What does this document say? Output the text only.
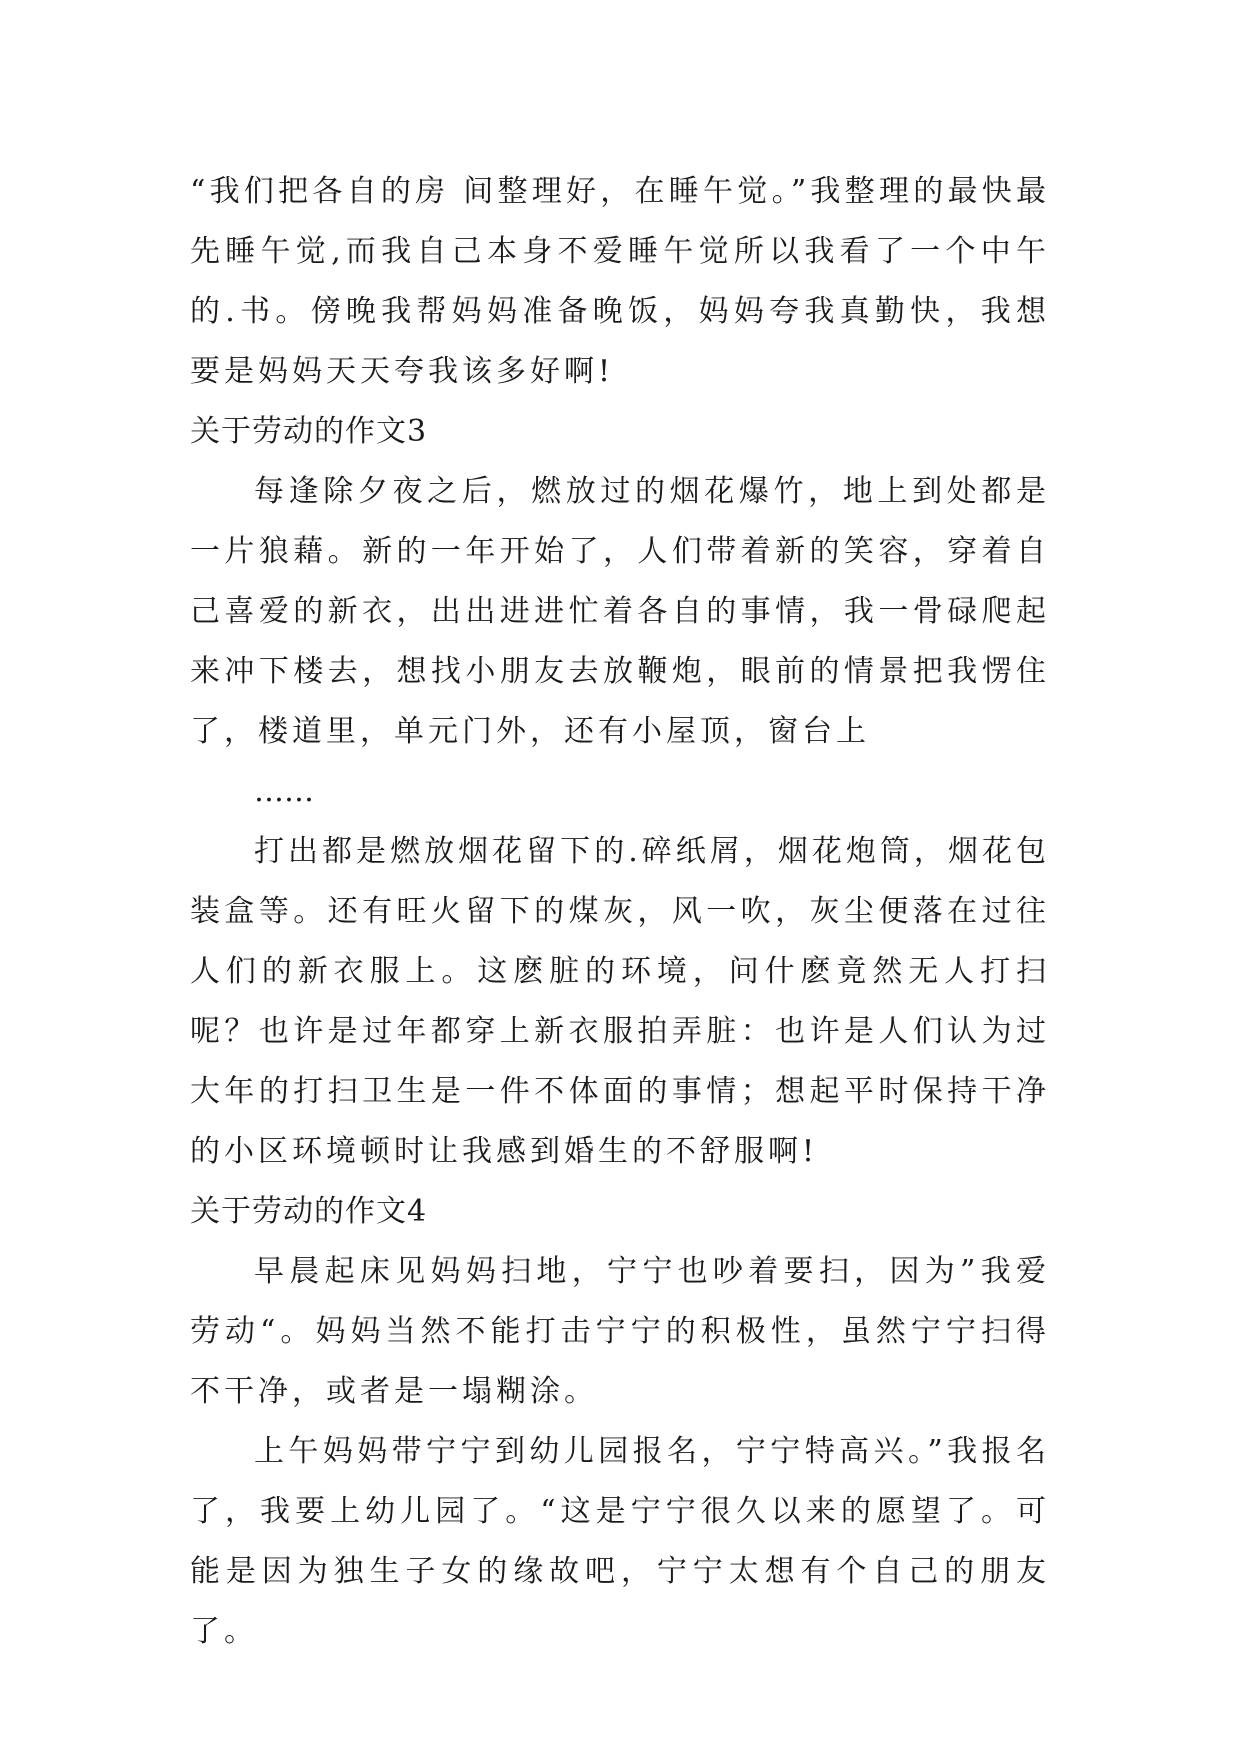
“我们把各自的房 间整理好，在睡午觉。”我整理的最快最先睡午觉,而我自己本身不爱睡午觉所以我看了一个中午的.书。傍晚我帮妈妈准备晚饭，妈妈夸我真勤快，我想要是妈妈天天夸我该多好啊!

关于劳动的作文3

每逢除夕夜之后，燃放过的烟花爆竹，地上到处都是一片狼藉。新的一年开始了，人们带着新的笑容，穿着自己喜爱的新衣，出出进进忙着各自的事情，我一骨碌爬起来冲下楼去，想找小朋友去放鞭炮，眼前的情景把我愣住了，楼道里，单元门外，还有小屋顶，窗台上

……

打出都是燃放烟花留下的.碎纸屑，烟花炮筒，烟花包装盒等。还有旺火留下的煤灰，风一吹，灰尘便落在过往人们的新衣服上。这麽脏的环境，问什麽竟然无人打扫呢？也许是过年都穿上新衣服拍弄脏：也许是人们认为过大年的打扫卫生是一件不体面的事情；想起平时保持干净的小区环境顿时让我感到婚生的不舒服啊!

关于劳动的作文4

早晨起床见妈妈扫地，宁宁也吵着要扫，因为”我爱劳动“。妈妈当然不能打击宁宁的积极性，虽然宁宁扫得不干净，或者是一塌糊涂。

上午妈妈带宁宁到幼儿园报名，宁宁特高兴。”我报名了，我要上幼儿园了。“这是宁宁很久以来的愿望了。可能是因为独生子女的缘故吧，宁宁太想有个自己的朋友了。
